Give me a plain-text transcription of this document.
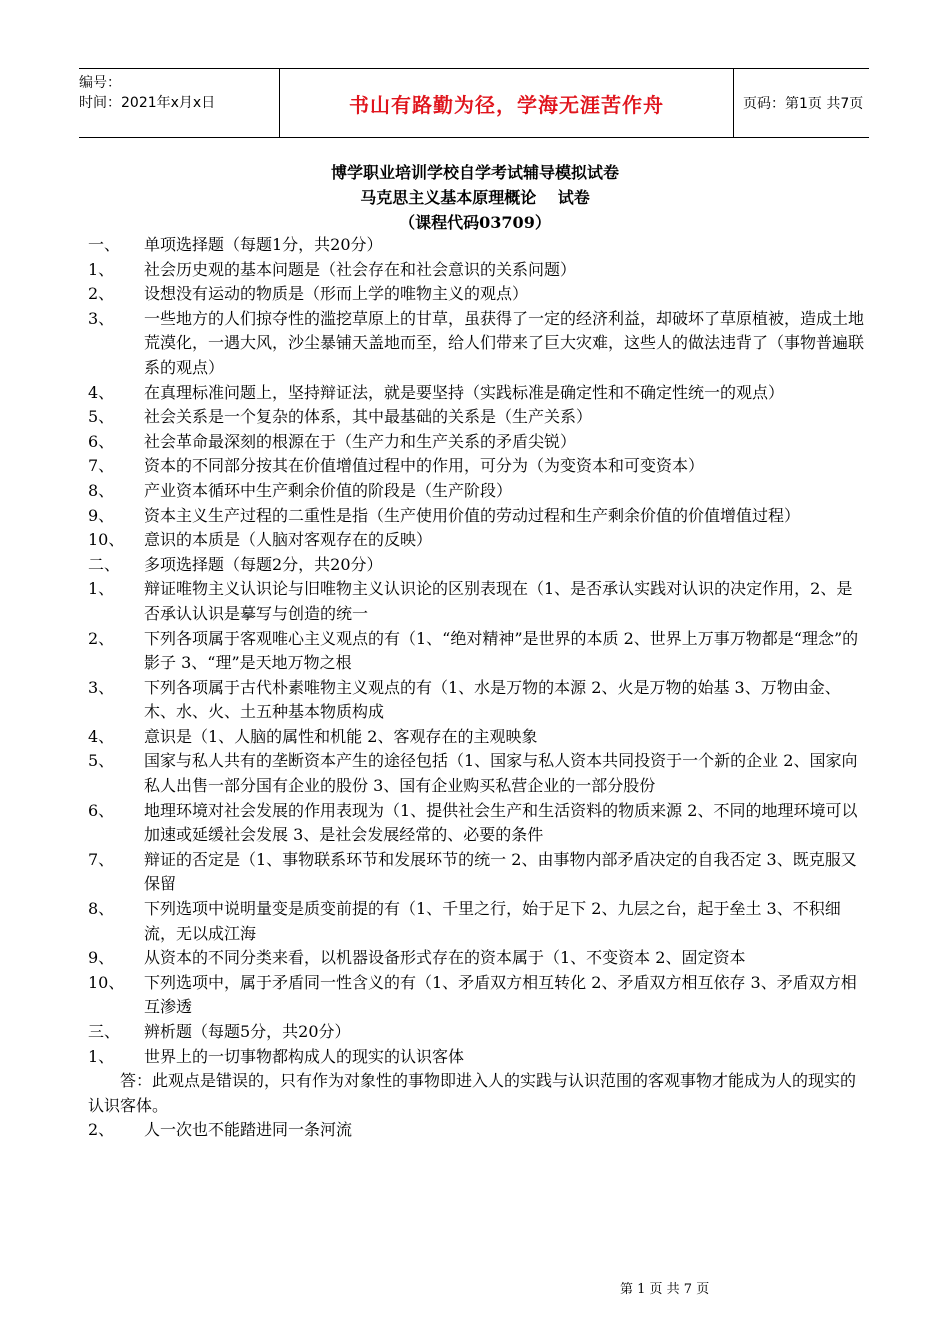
编号：
时间：2021年x月x日	书山有路勤为径，学海无涯苦作舟	页码：第1页 共7页
博学职业培训学校自学考试辅导模拟试卷
马克思主义基本原理概论　 试卷
（课程代码03709）
一、	单项选择题（每题1分，共20分）
1、	社会历史观的基本问题是（社会存在和社会意识的关系问题）
2、	设想没有运动的物质是（形而上学的唯物主义的观点）
3、	一些地方的人们掠夺性的滥挖草原上的甘草，虽获得了一定的经济利益，却破坏了草原植被，造成土地荒漠化，一遇大风，沙尘暴铺天盖地而至，给人们带来了巨大灾难，这些人的做法违背了（事物普遍联系的观点）
4、	在真理标准问题上，坚持辩证法，就是要坚持（实践标准是确定性和不确定性统一的观点）
5、	社会关系是一个复杂的体系，其中最基础的关系是（生产关系）
6、	社会革命最深刻的根源在于（生产力和生产关系的矛盾尖锐）
7、	资本的不同部分按其在价值增值过程中的作用，可分为（为变资本和可变资本）
8、	产业资本循环中生产剩余价值的阶段是（生产阶段）
9、	资本主义生产过程的二重性是指（生产使用价值的劳动过程和生产剩余价值的价值增值过程）
10、	意识的本质是（人脑对客观存在的反映）
二、	多项选择题（每题2分，共20分）
1、	辩证唯物主义认识论与旧唯物主义认识论的区别表现在（1、是否承认实践对认识的决定作用，2、是否承认认识是摹写与创造的统一
2、	下列各项属于客观唯心主义观点的有（1、“绝对精神”是世界的本质 2、世界上万事万物都是“理念”的影子 3、“理”是天地万物之根
3、	下列各项属于古代朴素唯物主义观点的有（1、水是万物的本源 2、火是万物的始基 3、万物由金、木、水、火、土五种基本物质构成
4、	意识是（1、人脑的属性和机能 2、客观存在的主观映象
5、	国家与私人共有的垄断资本产生的途径包括（1、国家与私人资本共同投资于一个新的企业 2、国家向私人出售一部分国有企业的股份 3、国有企业购买私营企业的一部分股份
6、	地理环境对社会发展的作用表现为（1、提供社会生产和生活资料的物质来源 2、不同的地理环境可以加速或延缓社会发展 3、是社会发展经常的、必要的条件
7、	辩证的否定是（1、事物联系环节和发展环节的统一 2、由事物内部矛盾决定的自我否定 3、既克服又保留
8、	下列选项中说明量变是质变前提的有（1、千里之行，始于足下 2、九层之台，起于垒土 3、不积细流，无以成江海
9、	从资本的不同分类来看，以机器设备形式存在的资本属于（1、不变资本 2、固定资本
10、	下列选项中，属于矛盾同一性含义的有（1、矛盾双方相互转化 2、矛盾双方相互依存 3、矛盾双方相互渗透
三、	辨析题（每题5分，共20分）
1、	世界上的一切事物都构成人的现实的认识客体
答：此观点是错误的，只有作为对象性的事物即进入人的实践与认识范围的客观事物才能成为人的现实的认识客体。
2、	人一次也不能踏进同一条河流
第 1 页 共 7 页
